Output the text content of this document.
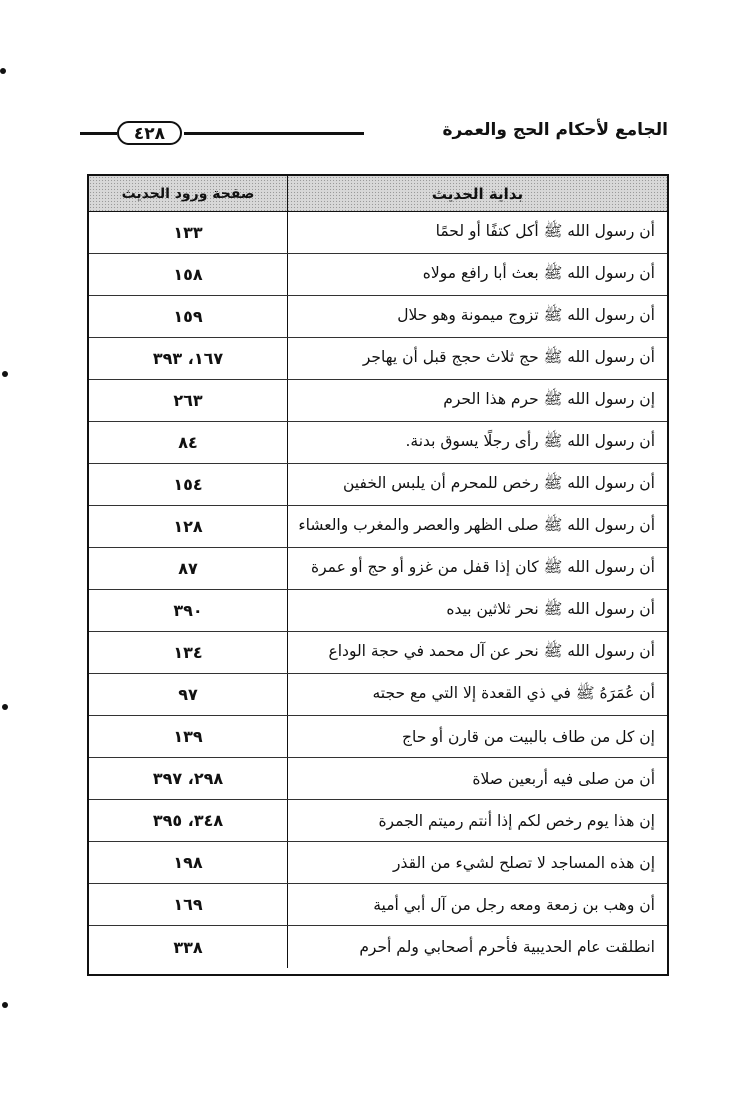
٤٢٨	الجامع لأحكام الحج والعمرة
بداية الحديث
صفحة ورود الحديث
أن رسول الله ﷺ أكل كتفًا أو لحمًا
١٣٣
أن رسول الله ﷺ بعث أبا رافع مولاه
١٥٨
أن رسول الله ﷺ تزوج ميمونة وهو حلال
١٥٩
أن رسول الله ﷺ حج ثلاث حجج قبل أن يهاجر
١٦٧، ٣٩٣
إن رسول الله ﷺ حرم هذا الحرم
٢٦٣
أن رسول الله ﷺ رأى رجلًا يسوق بدنة.
٨٤
أن رسول الله ﷺ رخص للمحرم أن يلبس الخفين
١٥٤
أن رسول الله ﷺ صلى الظهر والعصر والمغرب والعشاء
١٢٨
أن رسول الله ﷺ كان إذا قفل من غزو أو حج أو عمرة
٨٧
أن رسول الله ﷺ نحر ثلاثين بيده
٣٩٠
أن رسول الله ﷺ نحر عن آل محمد في حجة الوداع
١٣٤
أن عُمَرَهُ ﷺ في ذي القعدة إلا التي مع حجته
٩٧
إن كل من طاف بالبيت من قارن أو حاج
١٣٩
أن من صلى فيه أربعين صلاة
٢٩٨، ٣٩٧
إن هذا يوم رخص لكم إذا أنتم رميتم الجمرة
٣٤٨، ٣٩٥
إن هذه المساجد لا تصلح لشيء من القذر
١٩٨
أن وهب بن زمعة ومعه رجل من آل أبي أمية
١٦٩
انطلقت عام الحديبية فأحرم أصحابي ولم أحرم
٣٣٨
